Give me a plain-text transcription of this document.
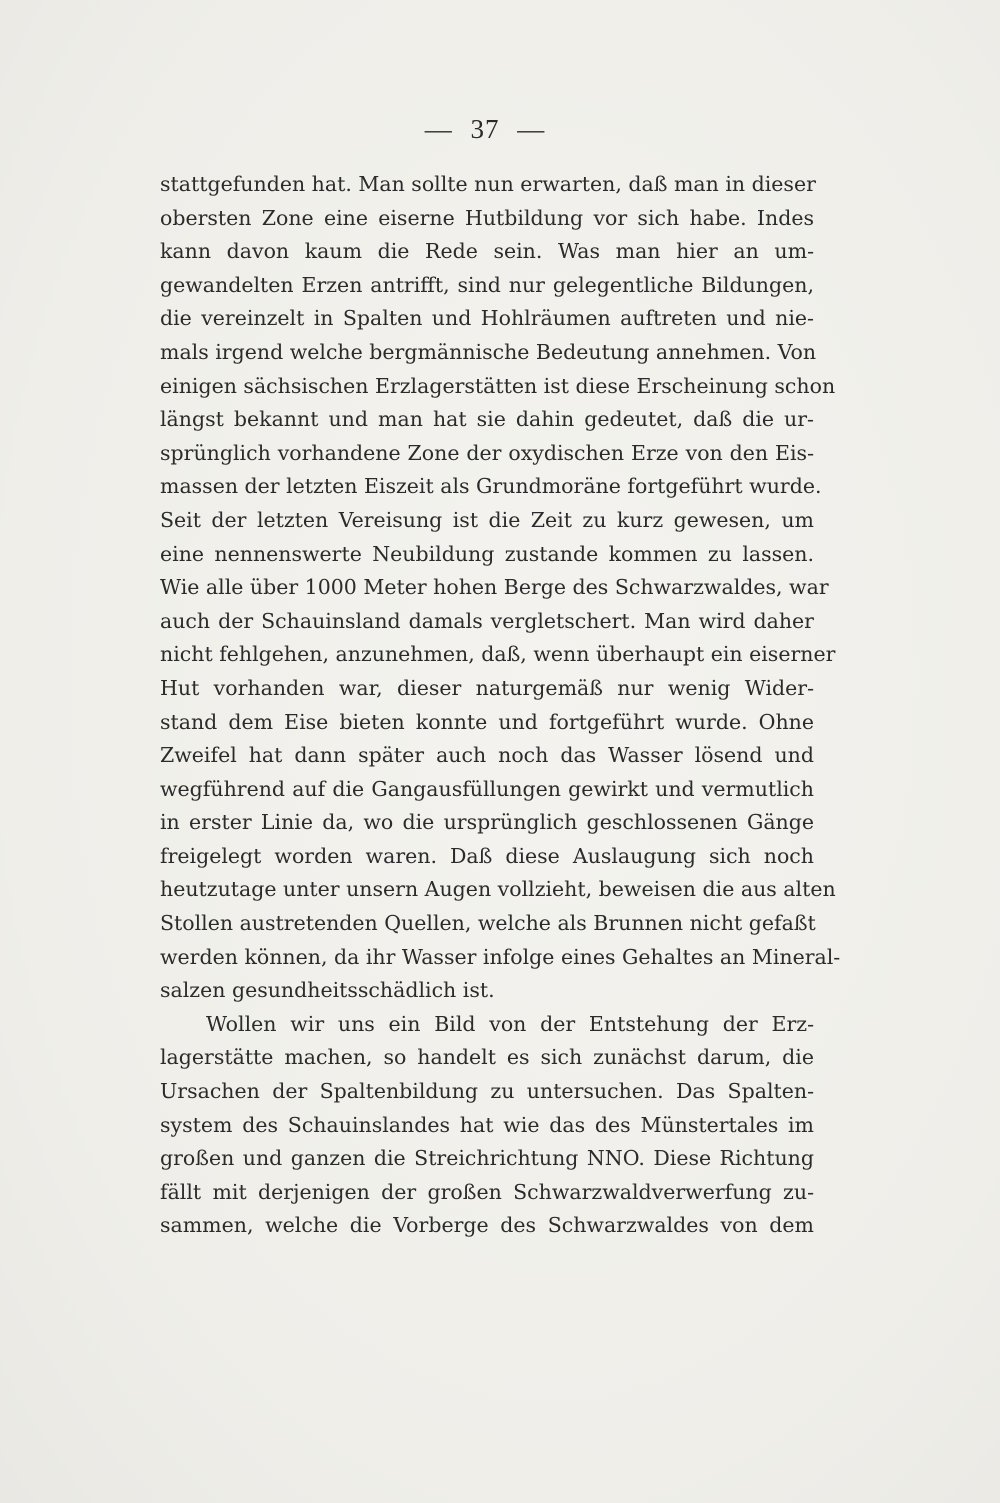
— 37 —
stattgefunden hat. Man sollte nun erwarten, daß man in dieser
obersten Zone eine eiserne Hutbildung vor sich habe. Indes
kann davon kaum die Rede sein. Was man hier an um-
gewandelten Erzen antrifft, sind nur gelegentliche Bildungen,
die vereinzelt in Spalten und Hohlräumen auftreten und nie-
mals irgend welche bergmännische Bedeutung annehmen. Von
einigen sächsischen Erzlagerstätten ist diese Erscheinung schon
längst bekannt und man hat sie dahin gedeutet, daß die ur-
sprünglich vorhandene Zone der oxydischen Erze von den Eis-
massen der letzten Eiszeit als Grundmoräne fortgeführt wurde.
Seit der letzten Vereisung ist die Zeit zu kurz gewesen, um
eine nennenswerte Neubildung zustande kommen zu lassen.
Wie alle über 1000 Meter hohen Berge des Schwarzwaldes, war
auch der Schauinsland damals vergletschert. Man wird daher
nicht fehlgehen, anzunehmen, daß, wenn überhaupt ein eiserner
Hut vorhanden war, dieser naturgemäß nur wenig Wider-
stand dem Eise bieten konnte und fortgeführt wurde. Ohne
Zweifel hat dann später auch noch das Wasser lösend und
wegführend auf die Gangausfüllungen gewirkt und vermutlich
in erster Linie da, wo die ursprünglich geschlossenen Gänge
freigelegt worden waren. Daß diese Auslaugung sich noch
heutzutage unter unsern Augen vollzieht, beweisen die aus alten
Stollen austretenden Quellen, welche als Brunnen nicht gefaßt
werden können, da ihr Wasser infolge eines Gehaltes an Mineral-
salzen gesundheitsschädlich ist.
Wollen wir uns ein Bild von der Entstehung der Erz-
lagerstätte machen, so handelt es sich zunächst darum, die
Ursachen der Spaltenbildung zu untersuchen. Das Spalten-
system des Schauinslandes hat wie das des Münstertales im
großen und ganzen die Streichrichtung NNO. Diese Richtung
fällt mit derjenigen der großen Schwarzwaldverwerfung zu-
sammen, welche die Vorberge des Schwarzwaldes von dem
